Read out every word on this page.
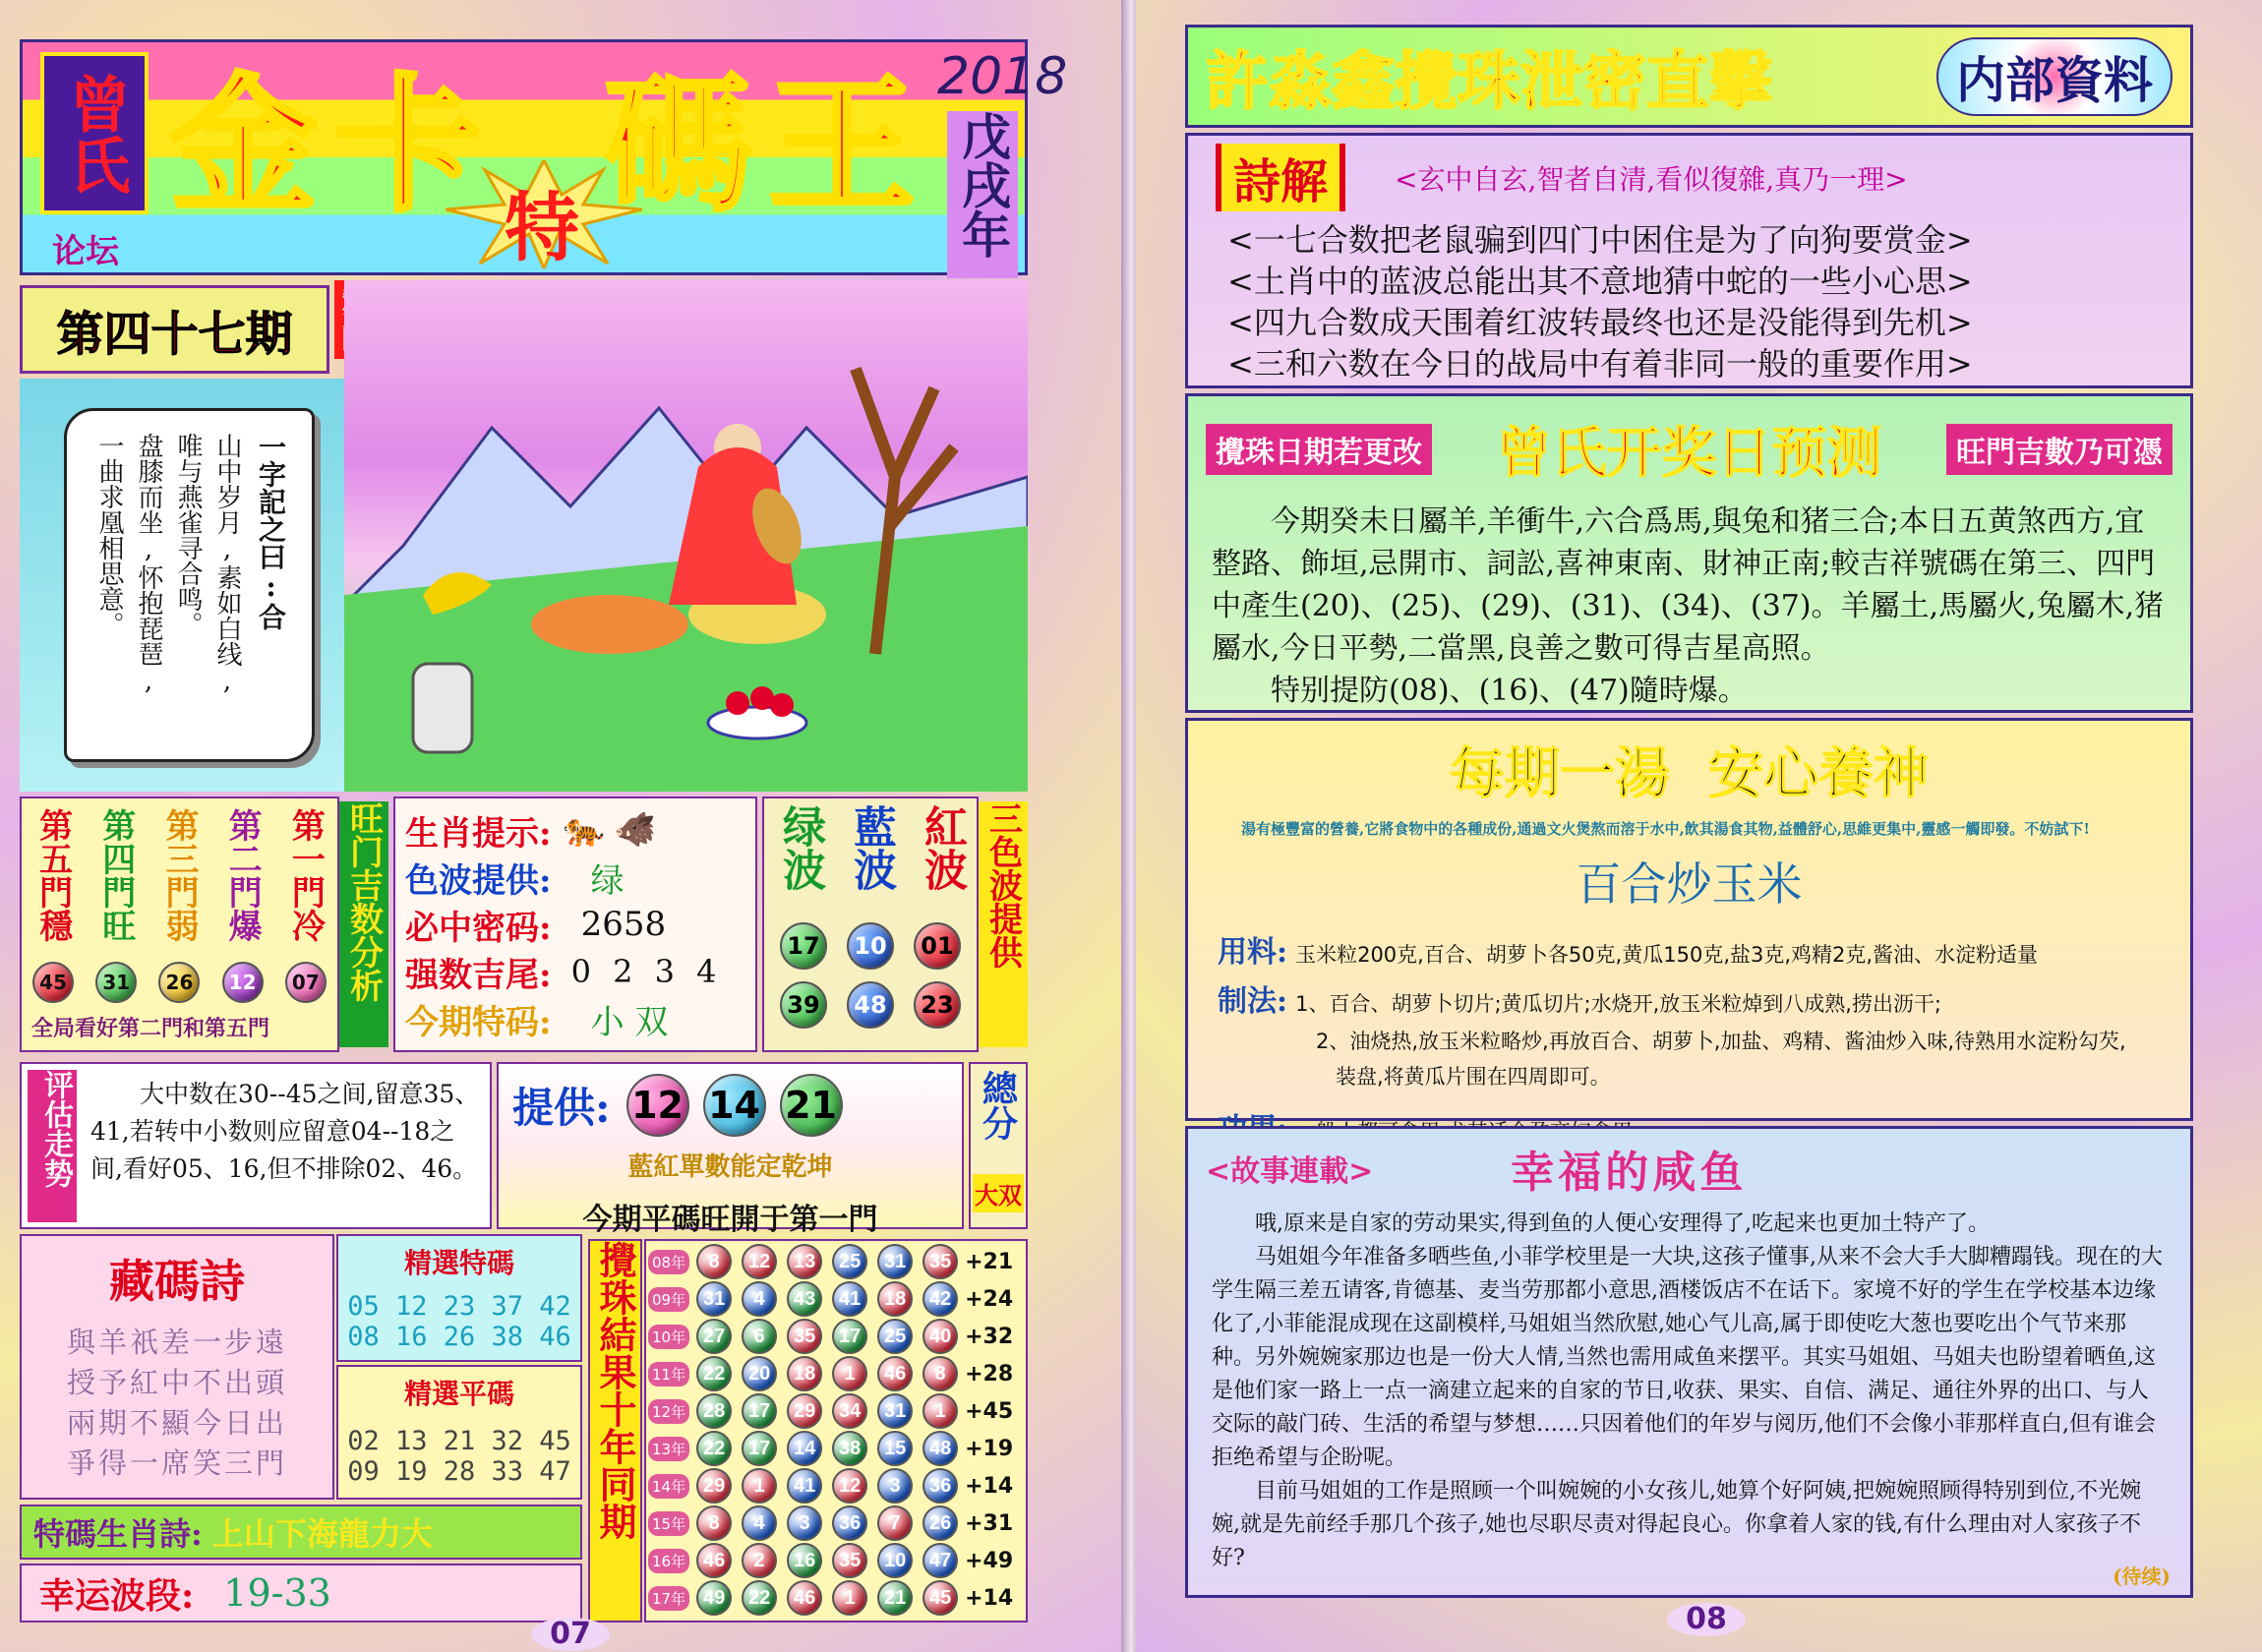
曾氏
论坛
金 卡 碼 王
特
2018
戊戌年
第四十七期
一字記之曰:合
山中岁月,素如白线,
唯与燕雀寻合鸣。
盘膝而坐,怀抱琵琶,
一曲求凰相思意。
第五門穩
45
第四門旺
31
第三門弱
26
第二門爆
12
第一門冷
07
全局看好第二門和第五門
旺门吉数分析 生肖提示: 🐅 🐗
色波提供: 绿
必中密码: 2658
强数吉尾: 0 2 3 4
今期特码: 小 双
绿波 藍波 紅波
17	10	01
39	48	23
三色波提供
评估走势	大中数在30--45之间,留意35、41,若转中小数则应留意04--18之间,看好05、16,但不排除02、46。
提供: 12 14 21
藍紅單數能定乾坤
今期平碼旺開于第一門
總分
大双
藏碼詩
與羊祇差一步遠
授予紅中不出頭
兩期不顯今日出
爭得一席笑三門
精選特碼
05 12 23 37 42
08 16 26 38 46
精選平碼
02 13 21 32 45
09 19 28 33 47
特碼生肖詩: 上山下海龍力大
幸运波段: 19-33
攪珠結果十年同期	08年	8	12	13	25	31	35 +21
09年 31	4	43	41	18	42 +24
10年 27	6	35	17	25	40 +32
11年 22	20	18	1	46	8 +28
12年 28	17	29	34	31	1 +45
13年 22	17	14	38	15	48 +19
14年 29	1	41	12	3	36 +14
15年	8	4	3	36	7	26 +31
16年 46	2	16	35	10	47 +49
17年 49	22	46	1	21	45 +14
07
許淼鑫攪珠泄密直擊	内部資料
詩解	<玄中自玄,智者自清,看似復雜,真乃一理>
<一七合数把老鼠骗到四门中困住是为了向狗要赏金>
<土肖中的蓝波总能出其不意地猜中蛇的一些小心思>
<四九合数成天围着红波转最终也还是没能得到先机>
<三和六数在今日的战局中有着非同一般的重要作用>
攪珠日期若更改 曾氏开奖日预测	旺門吉數乃可憑
今期癸未日屬羊,羊衝牛,六合爲馬,與兔和猪三合;本日五黄煞西方,宜整路、飾垣,忌開市、詞訟,喜神東南、財神正南;較吉祥號碼在第三、四門中產生(20)、(25)、(29)、(31)、(34)、(37)。羊屬土,馬屬火,兔屬木,猪屬水,今日平勢,二當黑,良善之數可得吉星高照。
特别提防(08)、(16)、(47)隨時爆。
每期一湯  安心養神
湯有極豐富的營養,它將食物中的各種成份,通過文火煲熬而溶于水中,飲其湯食其物,益體舒心,思維更集中,靈感一觸即發。不妨試下!
百合炒玉米
用料: 玉米粒200克,百合、胡萝卜各50克,黄瓜150克,盐3克,鸡精2克,酱油、水淀粉适量
制法: 1、百合、胡萝卜切片;黄瓜切片;水烧开,放玉米粒焯到八成熟,捞出沥干;
2、油烧热,放玉米粒略炒,再放百合、胡萝卜,加盐、鸡精、酱油炒入味,待熟用水淀粉勾芡,
装盘,将黄瓜片围在四周即可。
<故事連載>	幸福的咸鱼
哦,原来是自家的劳动果实,得到鱼的人便心安理得了,吃起来也更加土特产了。
马姐姐今年准备多晒些鱼,小菲学校里是一大块,这孩子懂事,从来不会大手大脚糟蹋钱。现在的大学生隔三差五请客,肯德基、麦当劳那都小意思,酒楼饭店不在话下。家境不好的学生在学校基本边缘化了,小菲能混成现在这副模样,马姐姐当然欣慰,她心气儿高,属于即使吃大葱也要吃出个气节来那种。另外婉婉家那边也是一份大人情,当然也需用咸鱼来摆平。其实马姐姐、马姐夫也盼望着晒鱼,这是他们家一路上一点一滴建立起来的自家的节日,收获、果实、自信、满足、通往外界的出口、与人交际的敲门砖、生活的希望与梦想……只因着他们的年岁与阅历,他们不会像小菲那样直白,但有谁会拒绝希望与企盼呢。
目前马姐姐的工作是照顾一个叫婉婉的小女孩儿,她算个好阿姨,把婉婉照顾得特别到位,不光婉婉,就是先前经手那几个孩子,她也尽职尽责对得起良心。你拿着人家的钱,有什么理由对人家孩子不好?
(待续)
08
